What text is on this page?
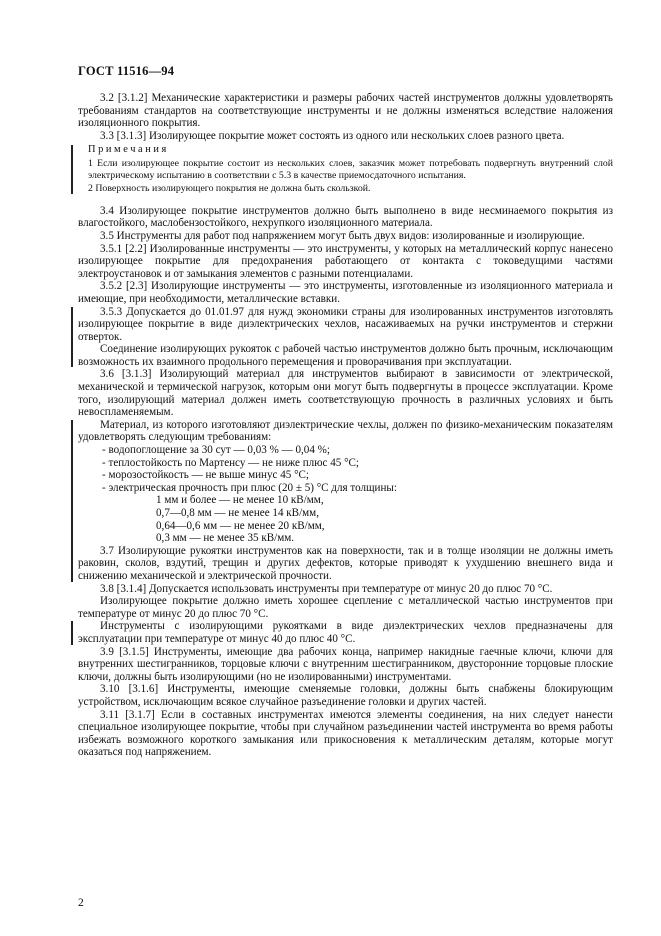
ГОСТ 11516—94

3.2 [3.1.2] Механические характеристики и размеры рабочих частей инструментов должны удовлетворять требованиям стандартов на соответствующие инструменты и не должны изменяться вследствие наложения изоляционного покрытия.

3.3 [3.1.3] Изолирующее покрытие может состоять из одного или нескольких слоев разного цвета.

Примечания

1 Если изолирующее покрытие состоит из нескольких слоев, заказчик может потребовать подвергнуть внутренний слой электрическому испытанию в соответствии с 5.3 в качестве приемосдаточного испытания.

2 Поверхность изолирующего покрытия не должна быть скользкой.

3.4 Изолирующее покрытие инструментов должно быть выполнено в виде несминаемого покрытия из влагостойкого, маслобензостойкого, нехрупкого изоляционного материала.

3.5 Инструменты для работ под напряжением могут быть двух видов: изолированные и изолирующие.

3.5.1 [2.2] Изолированные инструменты — это инструменты, у которых на металлический корпус нанесено изолирующее покрытие для предохранения работающего от контакта с токоведущими частями электроустановок и от замыкания элементов с разными потенциалами.

3.5.2 [2.3] Изолирующие инструменты — это инструменты, изготовленные из изоляционного материала и имеющие, при необходимости, металлические вставки.

3.5.3 Допускается до 01.01.97 для нужд экономики страны для изолированных инструментов изготовлять изолирующее покрытие в виде диэлектрических чехлов, насаживаемых на ручки инструментов и стержни отверток.

Соединение изолирующих рукояток с рабочей частью инструментов должно быть прочным, исключающим возможность их взаимного продольного перемещения и проворачивания при эксплуатации.

3.6 [3.1.3] Изолирующий материал для инструментов выбирают в зависимости от электрической, механической и термической нагрузок, которым они могут быть подвергнуты в процессе эксплуатации. Кроме того, изолирующий материал должен иметь соответствующую прочность в различных условиях и быть невоспламеняемым.

Материал, из которого изготовляют диэлектрические чехлы, должен по физико-механическим показателям удовлетворять следующим требованиям:

- водопоглощение за 30 сут — 0,03 % — 0,04 %;
- теплостойкость по Мартенсу — не ниже плюс 45 °С;
- морозостойкость — не выше минус 45 °С;
- электрическая прочность при плюс (20 ± 5) °С для толщины:
1 мм и более — не менее 10 кВ/мм,
0,7—0,8 мм — не менее 14 кВ/мм,
0,64—0,6 мм — не менее 20 кВ/мм,
0,3 мм — не менее 35 кВ/мм.

3.7 Изолирующие рукоятки инструментов как на поверхности, так и в толще изоляции не должны иметь раковин, сколов, вздутий, трещин и других дефектов, которые приводят к ухудшению внешнего вида и снижению механической и электрической прочности.

3.8 [3.1.4] Допускается использовать инструменты при температуре от минус 20 до плюс 70 °С.

Изолирующее покрытие должно иметь хорошее сцепление с металлической частью инструментов при температуре от минус 20 до плюс 70 °С.

Инструменты с изолирующими рукоятками в виде диэлектрических чехлов предназначены для эксплуатации при температуре от минус 40 до плюс 40 °С.

3.9 [3.1.5] Инструменты, имеющие два рабочих конца, например накидные гаечные ключи, ключи для внутренних шестигранников, торцовые ключи с внутренним шестигранником, двусторонние торцовые плоские ключи, должны быть изолирующими (но не изолированными) инструментами.

3.10 [3.1.6] Инструменты, имеющие сменяемые головки, должны быть снабжены блокирующим устройством, исключающим всякое случайное разъединение головки и других частей.

3.11 [3.1.7] Если в составных инструментах имеются элементы соединения, на них следует нанести специальное изолирующее покрытие, чтобы при случайном разъединении частей инструмента во время работы избежать возможного короткого замыкания или прикосновения к металлическим деталям, которые могут оказаться под напряжением.

2
